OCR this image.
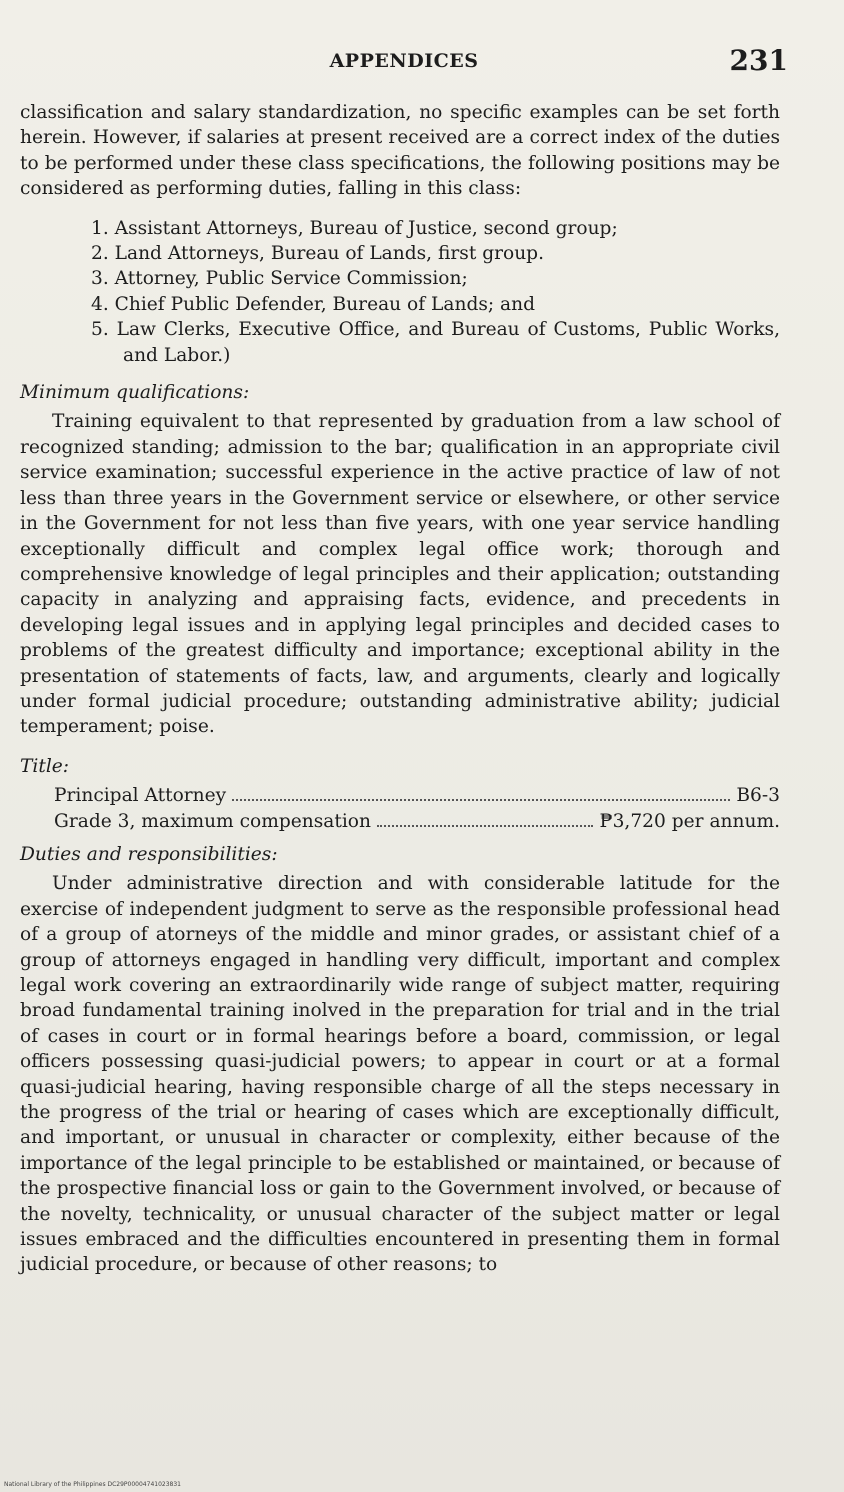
APPENDICES	231

classification and salary standardization, no specific examples can be set forth herein. However, if salaries at present received are a correct index of the duties to be performed under these class specifications, the following positions may be considered as performing duties, falling in this class:

1. Assistant Attorneys, Bureau of Justice, second group;
2. Land Attorneys, Bureau of Lands, first group.
3. Attorney, Public Service Commission;
4. Chief Public Defender, Bureau of Lands; and
5. Law Clerks, Executive Office, and Bureau of Customs, Public Works, and Labor.)
Minimum qualifications:

Training equivalent to that represented by graduation from a law school of recognized standing; admission to the bar; qualification in an appropriate civil service examination; successful experience in the active practice of law of not less than three years in the Government service or elsewhere, or other service in the Government for not less than five years, with one year service handling exceptionally difficult and complex legal office work; thorough and comprehensive knowledge of legal principles and their application; outstanding capacity in analyzing and appraising facts, evidence, and precedents in developing legal issues and in applying legal principles and decided cases to problems of the greatest difficulty and importance; exceptional ability in the presentation of statements of facts, law, and arguments, clearly and logically under formal judicial procedure; outstanding administrative ability; judicial temperament; poise.

Title:
Principal Attorney	B6-3
Grade 3, maximum compensation	₱3,720 per annum.
Duties and responsibilities:

Under administrative direction and with considerable latitude for the exercise of independent judgment to serve as the responsible professional head of a group of atorneys of the middle and minor grades, or assistant chief of a group of attorneys engaged in handling very difficult, important and complex legal work covering an extraordinarily wide range of subject matter, requiring broad fundamental training inolved in the preparation for trial and in the trial of cases in court or in formal hearings before a board, commission, or legal officers possessing quasi-judicial powers; to appear in court or at a formal quasi-judicial hearing, having responsible charge of all the steps necessary in the progress of the trial or hearing of cases which are exceptionally difficult, and important, or unusual in character or complexity, either because of the importance of the legal principle to be established or maintained, or because of the prospective financial loss or gain to the Government involved, or because of the novelty, technicality, or unusual character of the subject matter or legal issues embraced and the difficulties encountered in presenting them in formal judicial procedure, or because of other reasons; to

National Library of the Philippines DC29P00004741023831
